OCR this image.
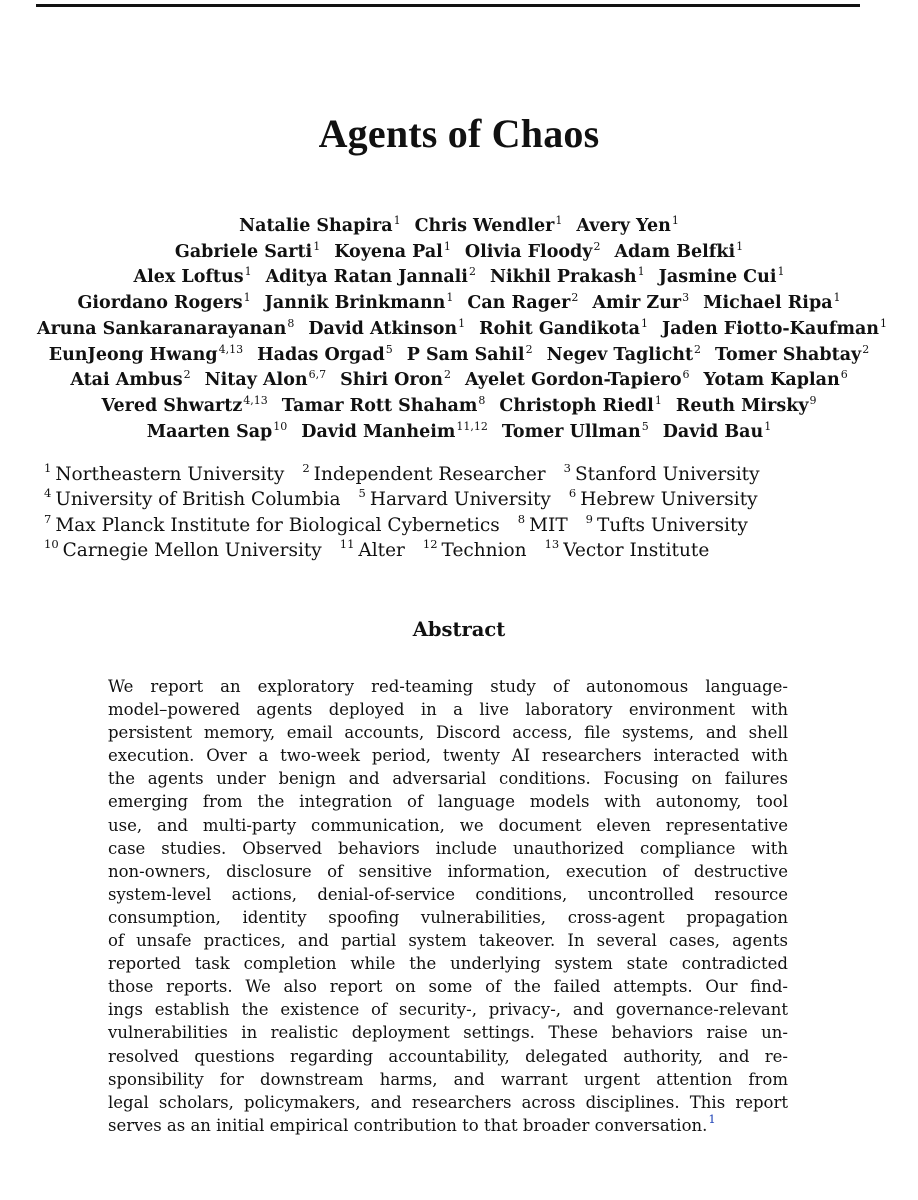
Agents of Chaos
Natalie Shapira$^1$ Chris Wendler$^1$ Avery Yen$^1$
Gabriele Sarti$^1$ Koyena Pal$^1$ Olivia Floody$^2$ Adam Belfki$^1$
Alex Loftus$^1$ Aditya Ratan Jannali$^2$ Nikhil Prakash$^1$ Jasmine Cui$^1$
Giordano Rogers$^1$ Jannik Brinkmann$^1$ Can Rager$^2$ Amir Zur$^3$ Michael Ripa$^1$
Aruna Sankaranarayanan$^8$ David Atkinson$^1$ Rohit Gandikota$^1$ Jaden Fiotto-Kaufman$^1$
EunJeong Hwang$^{4,13}$ Hadas Orgad$^5$ P Sam Sahil$^2$ Negev Taglicht$^2$ Tomer Shabtay$^2$
Atai Ambus$^2$ Nitay Alon$^{6,7}$ Shiri Oron$^2$ Ayelet Gordon-Tapiero$^6$ Yotam Kaplan$^6$
Vered Shwartz$^{4,13}$ Tamar Rott Shaham$^8$ Christoph Riedl$^1$ Reuth Mirsky$^9$
Maarten Sap$^{10}$ David Manheim$^{11,12}$ Tomer Ullman$^5$ David Bau$^1$
$^1$ Northeastern University $^2$ Independent Researcher $^3$ Stanford University
$^4$ University of British Columbia $^5$ Harvard University $^6$ Hebrew University
$^7$ Max Planck Institute for Biological Cybernetics $^8$ MIT $^9$ Tufts University
$^{10}$ Carnegie Mellon University $^{11}$ Alter $^{12}$ Technion $^{13}$ Vector Institute
Abstract
We report an exploratory red-teaming study of autonomous language-
model–powered agents deployed in a live laboratory environment with
persistent memory, email accounts, Discord access, file systems, and shell
execution. Over a two-week period, twenty AI researchers interacted with
the agents under benign and adversarial conditions. Focusing on failures
emerging from the integration of language models with autonomy, tool
use, and multi-party communication, we document eleven representative
case studies. Observed behaviors include unauthorized compliance with
non-owners, disclosure of sensitive information, execution of destructive
system-level actions, denial-of-service conditions, uncontrolled resource
consumption, identity spoofing vulnerabilities, cross-agent propagation
of unsafe practices, and partial system takeover. In several cases, agents
reported task completion while the underlying system state contradicted
those reports. We also report on some of the failed attempts. Our find-
ings establish the existence of security-, privacy-, and governance-relevant
vulnerabilities in realistic deployment settings. These behaviors raise un-
resolved questions regarding accountability, delegated authority, and re-
sponsibility for downstream harms, and warrant urgent attention from
legal scholars, policymakers, and researchers across disciplines. This report
serves as an initial empirical contribution to that broader conversation.$^1$
